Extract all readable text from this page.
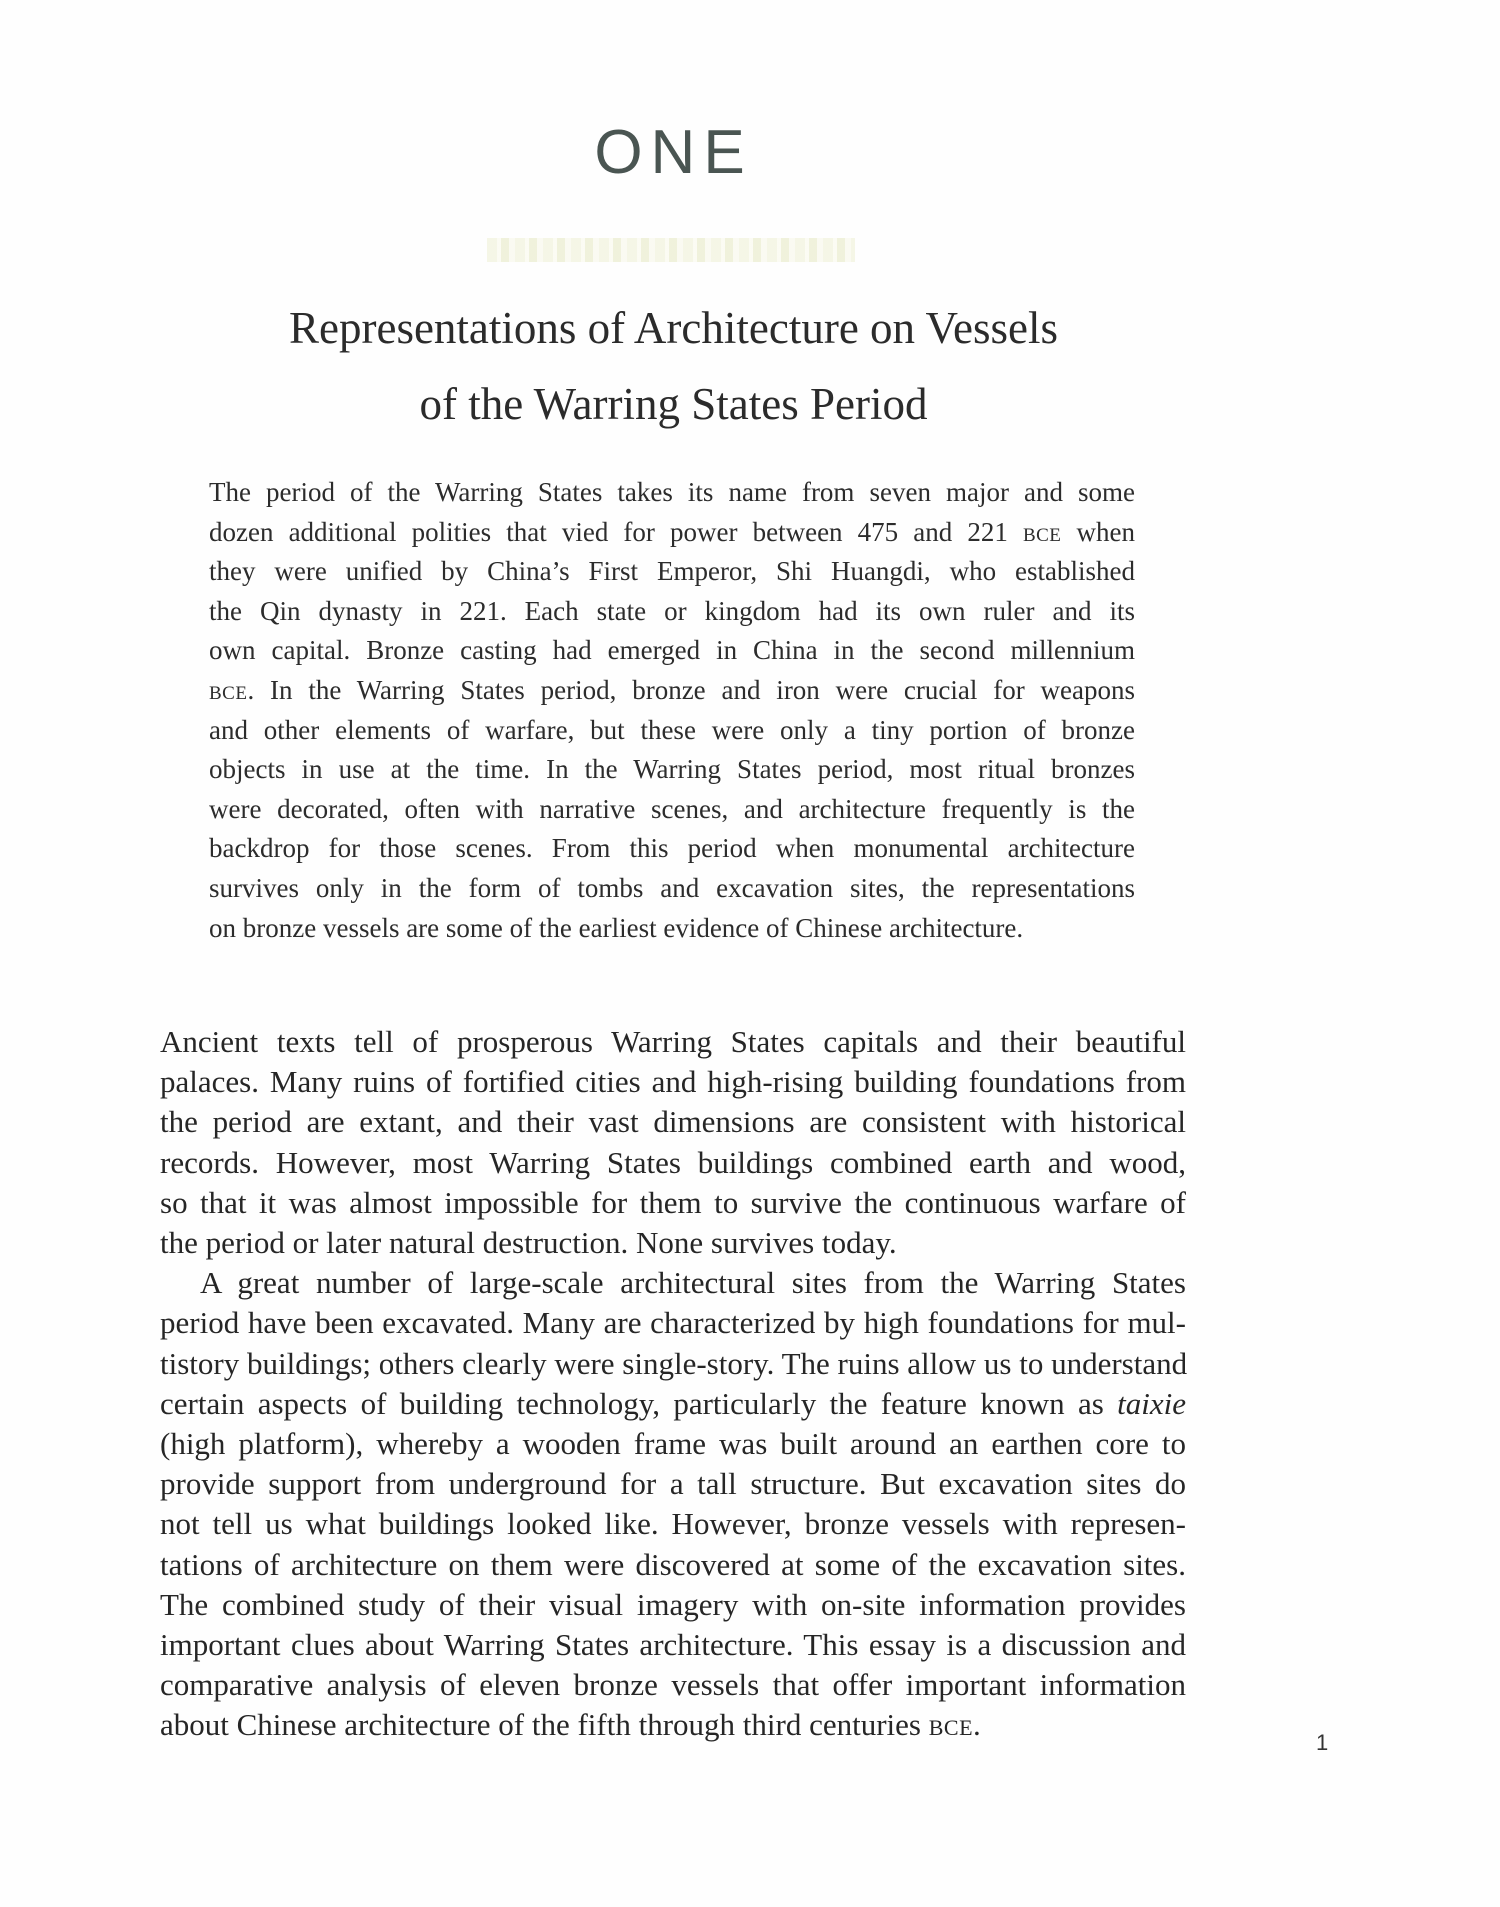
ONE
Representations of Architecture on Vessels
of the Warring States Period
The period of the Warring States takes its name from seven major and some
dozen additional polities that vied for power between 475 and 221 bce when
they were unified by China’s First Emperor, Shi Huangdi, who established
the Qin dynasty in 221. Each state or kingdom had its own ruler and its
own capital. Bronze casting had emerged in China in the second millennium
bce. In the Warring States period, bronze and iron were crucial for weapons
and other elements of warfare, but these were only a tiny portion of bronze
objects in use at the time. In the Warring States period, most ritual bronzes
were decorated, often with narrative scenes, and architecture frequently is the
backdrop for those scenes. From this period when monumental architecture
survives only in the form of tombs and excavation sites, the representations
on bronze vessels are some of the earliest evidence of Chinese architecture.
Ancient texts tell of prosperous Warring States capitals and their beautiful
palaces. Many ruins of fortified cities and high-rising building foundations from
the period are extant, and their vast dimensions are consistent with historical
records. However, most Warring States buildings combined earth and wood,
so that it was almost impossible for them to survive the continuous warfare of
the period or later natural destruction. None survives today.
A great number of large-scale architectural sites from the Warring States
period have been excavated. Many are characterized by high foundations for mul-
tistory buildings; others clearly were single-story. The ruins allow us to understand
certain aspects of building technology, particularly the feature known as taixie
(high platform), whereby a wooden frame was built around an earthen core to
provide support from underground for a tall structure. But excavation sites do
not tell us what buildings looked like. However, bronze vessels with represen-
tations of architecture on them were discovered at some of the excavation sites.
The combined study of their visual imagery with on-site information provides
important clues about Warring States architecture. This essay is a discussion and
comparative analysis of eleven bronze vessels that offer important information
about Chinese architecture of the fifth through third centuries bce.
1
